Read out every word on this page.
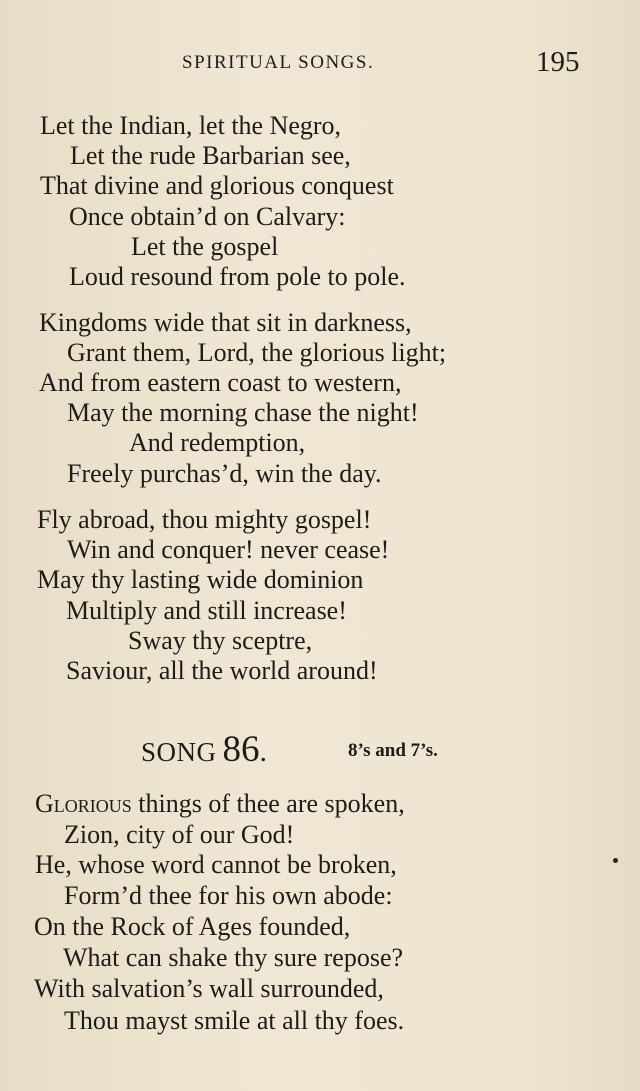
SPIRITUAL SONGS.	195
Let the Indian, let the Negro,
Let the rude Barbarian see,
That divine and glorious conquest
Once obtain’d on Calvary:
Let the gospel
Loud resound from pole to pole.
Kingdoms wide that sit in darkness,
Grant them, Lord, the glorious light;
And from eastern coast to western,
May the morning chase the night!
And redemption,
Freely purchas’d, win the day.
Fly abroad, thou mighty gospel!
Win and conquer! never cease!
May thy lasting wide dominion
Multiply and still increase!
Sway thy sceptre,
Saviour, all the world around!
SONG 86.	8’s and 7’s.
Glorious things of thee are spoken,
Zion, city of our God!
He, whose word cannot be broken,
Form’d thee for his own abode:
On the Rock of Ages founded,
What can shake thy sure repose?
With salvation’s wall surrounded,
Thou mayst smile at all thy foes.
